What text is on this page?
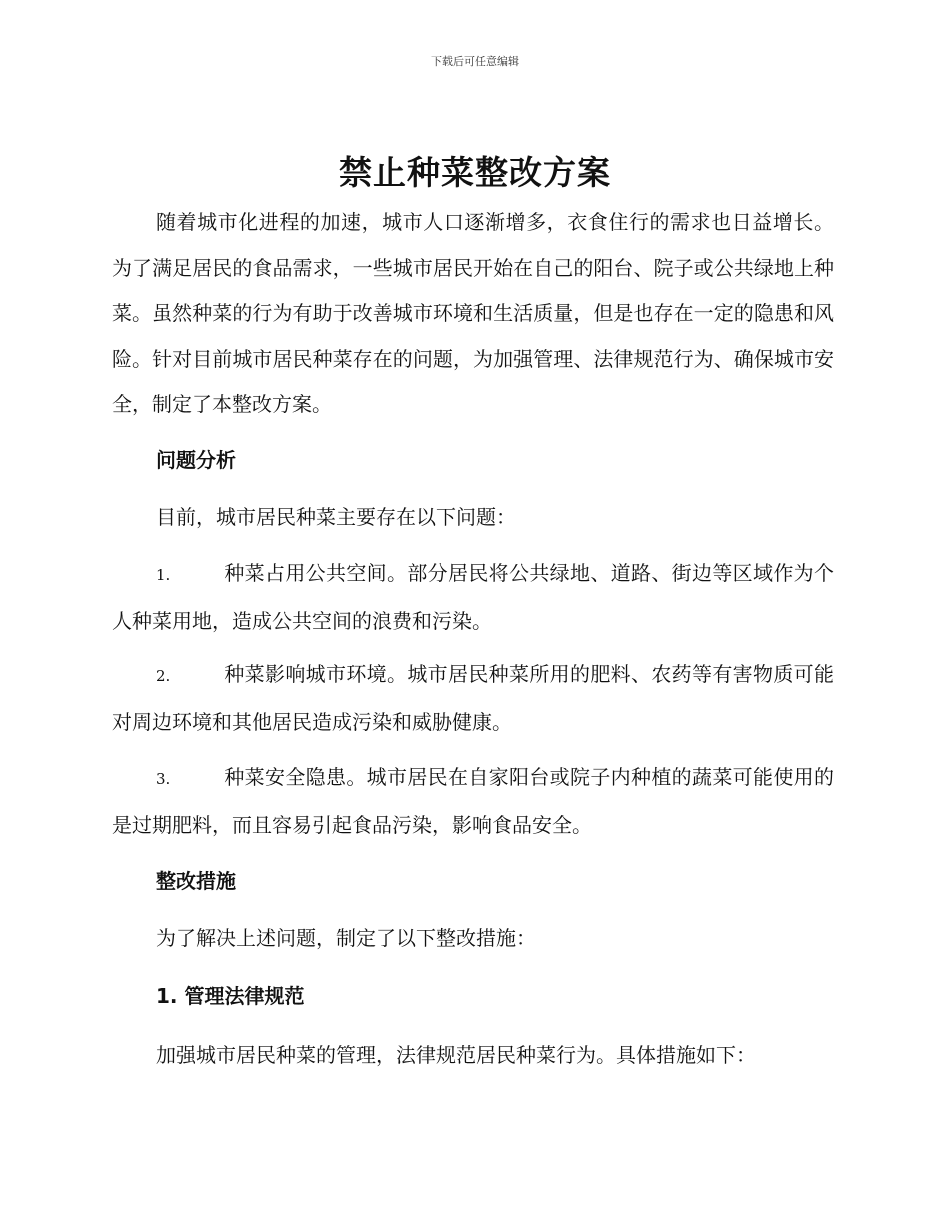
下载后可任意编辑
禁止种菜整改方案

随着城市化进程的加速，城市人口逐渐增多，衣食住行的需求也日益增长。为了满足居民的食品需求，一些城市居民开始在自己的阳台、院子或公共绿地上种菜。虽然种菜的行为有助于改善城市环境和生活质量，但是也存在一定的隐患和风险。针对目前城市居民种菜存在的问题，为加强管理、法律规范行为、确保城市安全，制定了本整改方案。

问题分析

目前，城市居民种菜主要存在以下问题：

1.	种菜占用公共空间。部分居民将公共绿地、道路、街边等区域作为个人种菜用地，造成公共空间的浪费和污染。

2.	种菜影响城市环境。城市居民种菜所用的肥料、农药等有害物质可能对周边环境和其他居民造成污染和威胁健康。

3.	种菜安全隐患。城市居民在自家阳台或院子内种植的蔬菜可能使用的是过期肥料，而且容易引起食品污染，影响食品安全。

整改措施

为了解决上述问题，制定了以下整改措施：

1. 管理法律规范

加强城市居民种菜的管理，法律规范居民种菜行为。具体措施如下：
